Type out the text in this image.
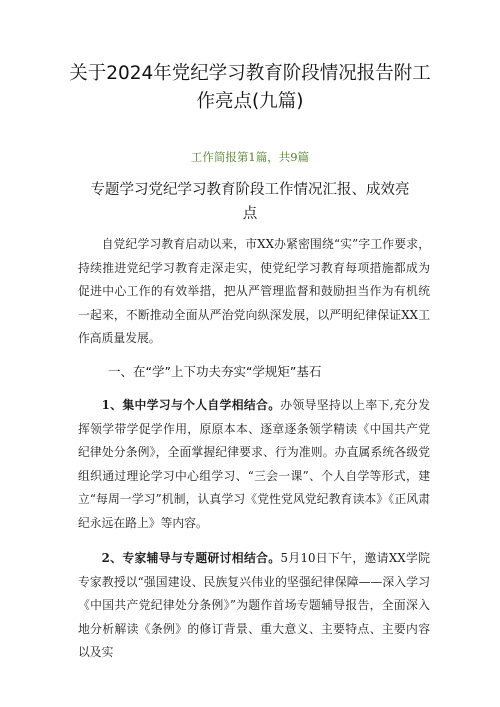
关于2024年党纪学习教育阶段情况报告附工作亮点(九篇)
工作简报第1篇，共9篇
专题学习党纪学习教育阶段工作情况汇报、成效亮点
自党纪学习教育启动以来，市XX办紧密围绕“实”字工作要求，持续推进党纪学习教育走深走实，使党纪学习教育每项措施都成为促进中心工作的有效举措，把从严管理监督和鼓励担当作为有机统一起来，不断推动全面从严治党向纵深发展，以严明纪律保证XX工作高质量发展。
一、在“学”上下功夫夯实“学规矩”基石
1、集中学习与个人自学相结合。办领导坚持以上率下,充分发挥领学带学促学作用，原原本本、逐章逐条领学精读《中国共产党纪律处分条例》，全面掌握纪律要求、行为准则。办直属系统各级党组织通过理论学习中心组学习、“三会一课”、个人自学等形式，建立“每周一学习”机制，认真学习《党性党风党纪教育读本》《正风肃纪永远在路上》等内容。
2、专家辅导与专题研讨相结合。5月10日下午，邀请XX学院专家教授以“强国建设、民族复兴伟业的坚强纪律保障——深入学习《中国共产党纪律处分条例》”为题作首场专题辅导报告，全面深入地分析解读《条例》的修订背景、重大意义、主要特点、主要内容以及实
